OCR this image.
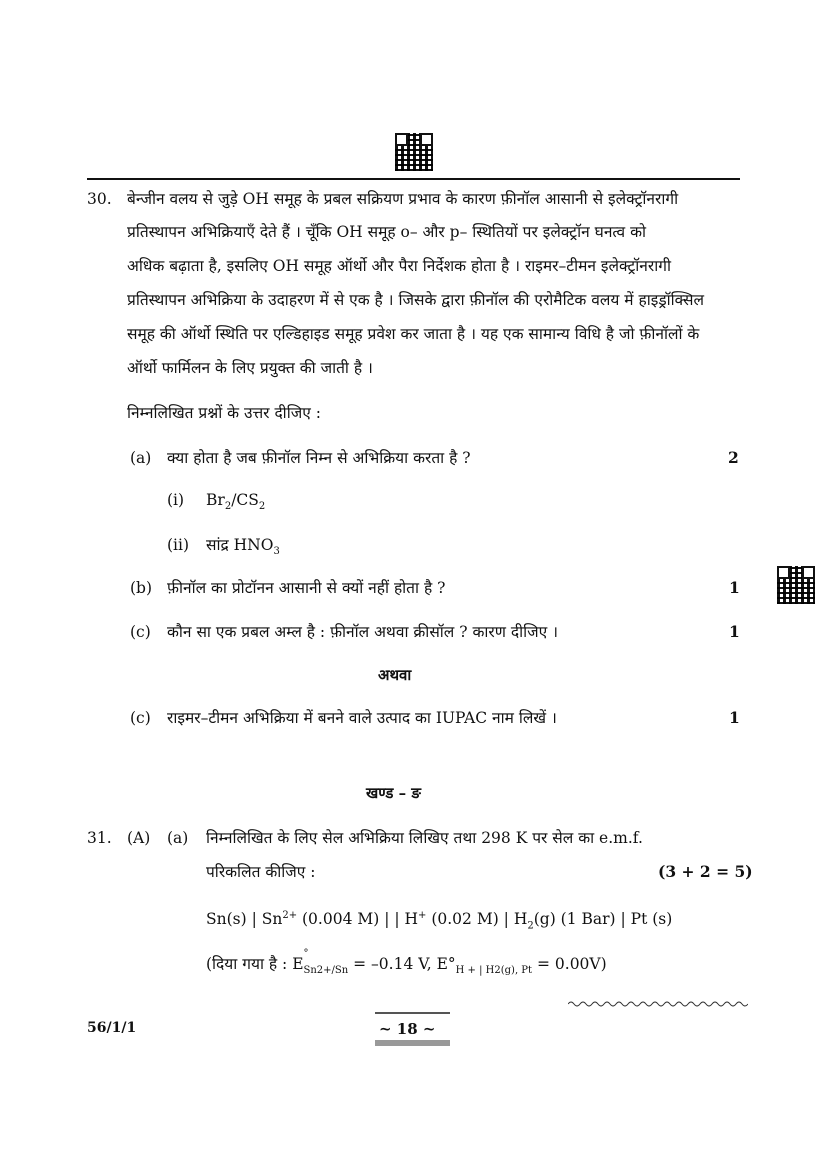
30. बेन्जीन वलय से जुड़े OH समूह के प्रबल सक्रियण प्रभाव के कारण फ़ीनॉल आसानी से इलेक्ट्रॉनरागी
प्रतिस्थापन अभिक्रियाएँ देते हैं । चूँकि OH समूह o– और p– स्थितियों पर इलेक्ट्रॉन घनत्व को
अधिक बढ़ाता है, इसलिए OH समूह ऑर्थो और पैरा निर्देशक होता है । राइमर–टीमन इलेक्ट्रॉनरागी
प्रतिस्थापन अभिक्रिया के उदाहरण में से एक है । जिसके द्वारा फ़ीनॉल की एरोमैटिक वलय में हाइड्रॉक्सिल
समूह की ऑर्थो स्थिति पर एल्डिहाइड समूह प्रवेश कर जाता है । यह एक सामान्य विधि है जो फ़ीनॉलों के
ऑर्थो फार्मिलन के लिए प्रयुक्त की जाती है ।
निम्नलिखित प्रश्नों के उत्तर दीजिए :
(a) क्या होता है जब फ़ीनॉल निम्न से अभिक्रिया करता है ?	2
(i) $Br_2/CS_2$
(ii) सांद्र $HNO_3$
(b) फ़ीनॉल का प्रोटॉनन आसानी से क्यों नहीं होता है ?	1
(c) कौन सा एक प्रबल अम्ल है : फ़ीनॉल अथवा क्रीसॉल ? कारण दीजिए ।	1
अथवा
(c) राइमर–टीमन अभिक्रिया में बनने वाले उत्पाद का IUPAC नाम लिखें ।	1
खण्ड – ङ
31. (A) (a) निम्नलिखित के लिए सेल अभिक्रिया लिखिए तथा 298 K पर सेल का e.m.f.
परिकलित कीजिए :	(3 + 2 = 5)
Sn(s) | $Sn^{2+}$ (0.004 M) | | H+ (0.02 M) | $H_2(g)$ (1 Bar) | Pt (s)
(दिया गया है : E
°
$_{Sn2+/Sn}$ = –0.14 V, $E^\circ_{H + | H2(g), Pt} = 0.00V$)
56/1/1	~ 18 ~
